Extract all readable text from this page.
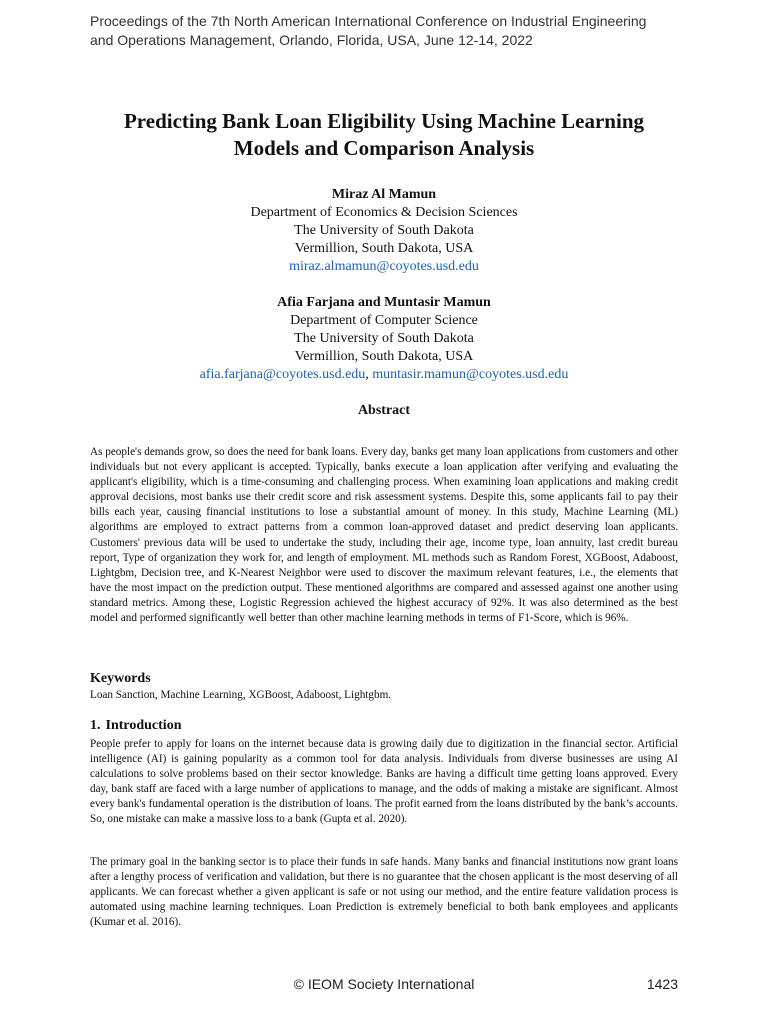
Proceedings of the 7th North American International Conference on Industrial Engineering
and Operations Management, Orlando, Florida, USA, June 12-14, 2022
Predicting Bank Loan Eligibility Using Machine Learning
Models and Comparison Analysis
Miraz Al Mamun
Department of Economics & Decision Sciences
The University of South Dakota
Vermillion, South Dakota, USA
miraz.almamun@coyotes.usd.edu
Afia Farjana and Muntasir Mamun
Department of Computer Science
The University of South Dakota
Vermillion, South Dakota, USA
afia.farjana@coyotes.usd.edu, muntasir.mamun@coyotes.usd.edu
Abstract

As people's demands grow, so does the need for bank loans. Every day, banks get many loan applications from customers and other individuals but not every applicant is accepted. Typically, banks execute a loan application after verifying and evaluating the applicant's eligibility, which is a time-consuming and challenging process. When examining loan applications and making credit approval decisions, most banks use their credit score and risk assessment systems. Despite this, some applicants fail to pay their bills each year, causing financial institutions to lose a substantial amount of money. In this study, Machine Learning (ML) algorithms are employed to extract patterns from a common loan-approved dataset and predict deserving loan applicants. Customers' previous data will be used to undertake the study, including their age, income type, loan annuity, last credit bureau report, Type of organization they work for, and length of employment. ML methods such as Random Forest, XGBoost, Adaboost, Lightgbm, Decision tree, and K-Nearest Neighbor were used to discover the maximum relevant features, i.e., the elements that have the most impact on the prediction output. These mentioned algorithms are compared and assessed against one another using standard metrics. Among these, Logistic Regression achieved the highest accuracy of 92%. It was also determined as the best model and performed significantly well better than other machine learning methods in terms of F1-Score, which is 96%.

Keywords

Loan Sanction, Machine Learning, XGBoost, Adaboost, Lightgbm.

1. Introduction

People prefer to apply for loans on the internet because data is growing daily due to digitization in the financial sector. Artificial intelligence (AI) is gaining popularity as a common tool for data analysis. Individuals from diverse businesses are using AI calculations to solve problems based on their sector knowledge. Banks are having a difficult time getting loans approved. Every day, bank staff are faced with a large number of applications to manage, and the odds of making a mistake are significant. Almost every bank's fundamental operation is the distribution of loans. The profit earned from the loans distributed by the bank’s accounts. So, one mistake can make a massive loss to a bank (Gupta et al. 2020).

The primary goal in the banking sector is to place their funds in safe hands. Many banks and financial institutions now grant loans after a lengthy process of verification and validation, but there is no guarantee that the chosen applicant is the most deserving of all applicants. We can forecast whether a given applicant is safe or not using our method, and the entire feature validation process is automated using machine learning techniques. Loan Prediction is extremely beneficial to both bank employees and applicants (Kumar et al. 2016).

© IEOM Society International	1423
